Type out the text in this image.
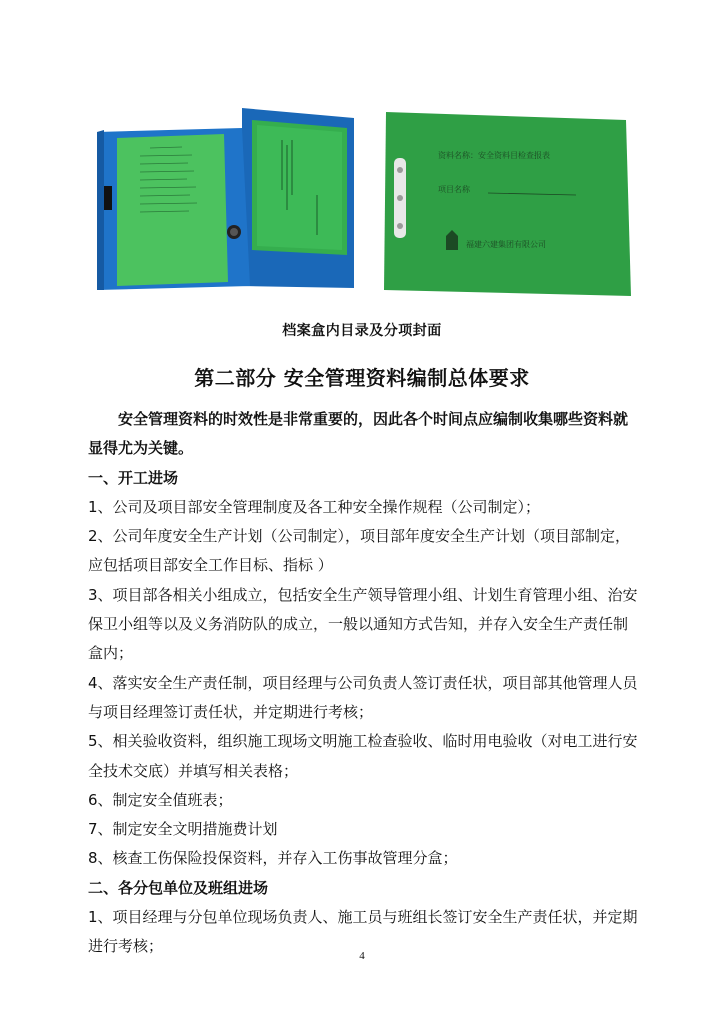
资料名称：安全资料目检查报表
项目名称
福建六建集团有限公司
档案盒内目录及分项封面
第二部分 安全管理资料编制总体要求

安全管理资料的时效性是非常重要的，因此各个时间点应编制收集哪些资料就显得尤为关键。

一、开工进场

1、公司及项目部安全管理制度及各工种安全操作规程（公司制定）；

2、公司年度安全生产计划（公司制定），项目部年度安全生产计划（项目部制定，应包括项目部安全工作目标、指标 ）

3、项目部各相关小组成立，包括安全生产领导管理小组、计划生育管理小组、治安保卫小组等以及义务消防队的成立，一般以通知方式告知，并存入安全生产责任制盒内；

4、落实安全生产责任制，项目经理与公司负责人签订责任状，项目部其他管理人员与项目经理签订责任状，并定期进行考核；

5、相关验收资料，组织施工现场文明施工检查验收、临时用电验收（对电工进行安全技术交底）并填写相关表格；

6、制定安全值班表；

7、制定安全文明措施费计划

8、核查工伤保险投保资料，并存入工伤事故管理分盒；

二、各分包单位及班组进场

1、项目经理与分包单位现场负责人、施工员与班组长签订安全生产责任状，并定期进行考核；

4
